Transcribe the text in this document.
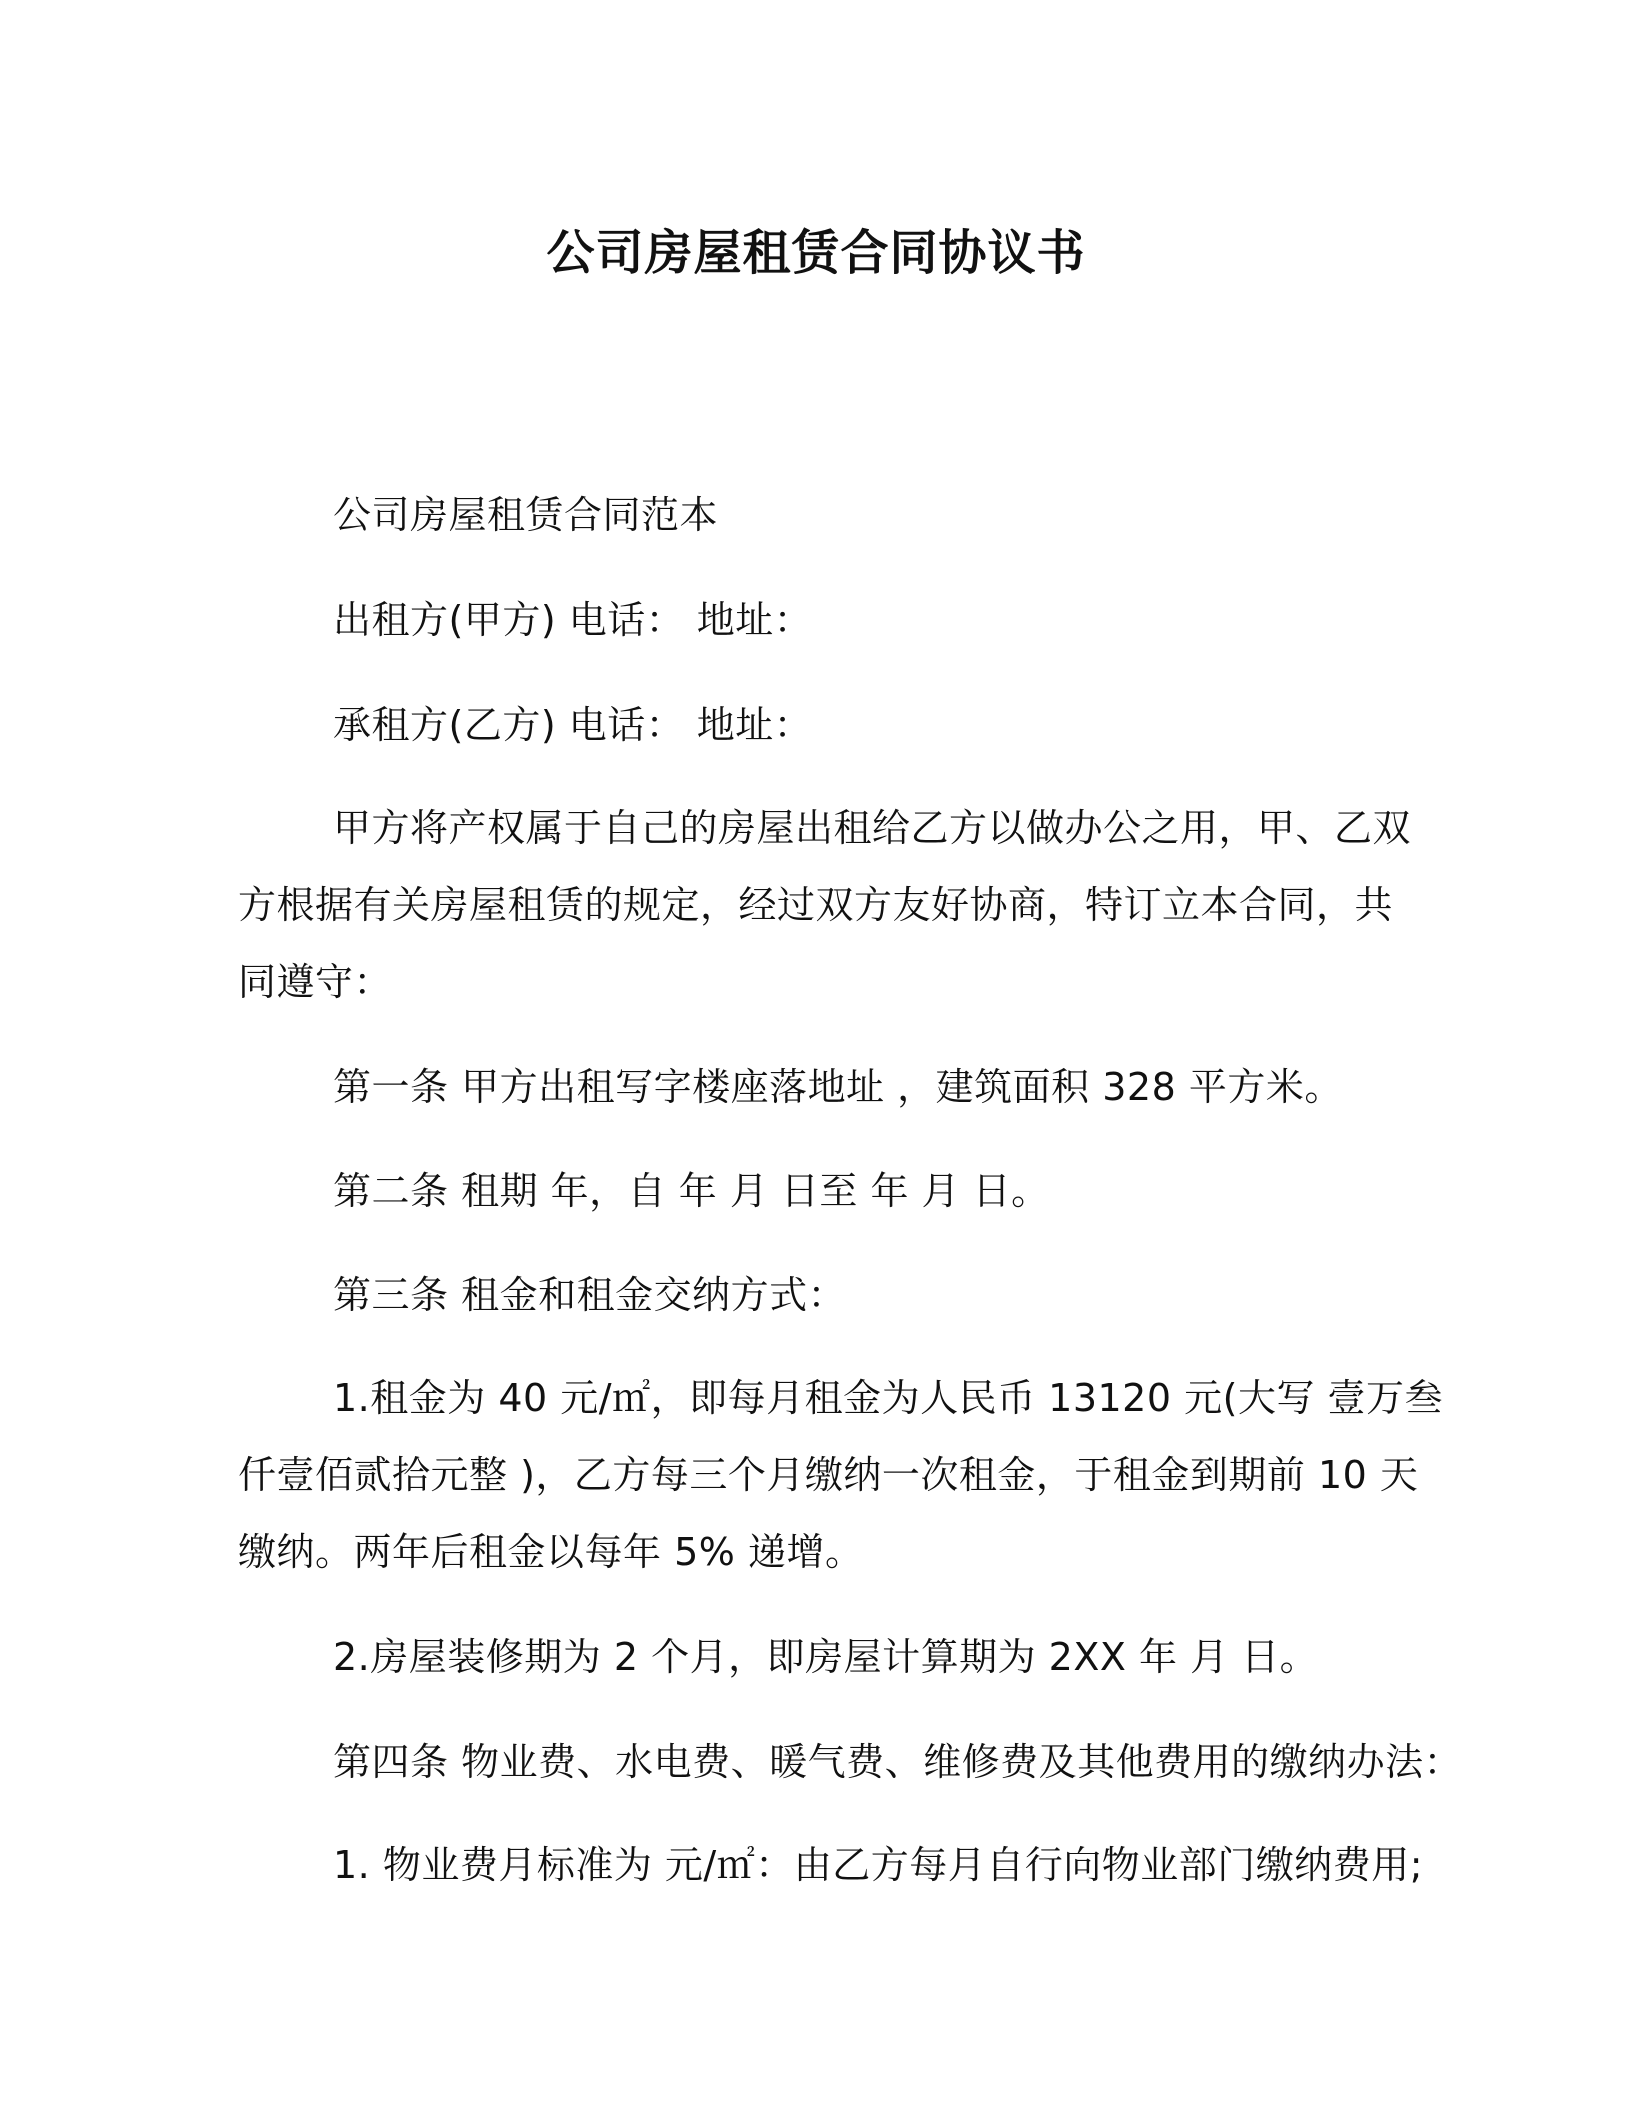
公司房屋租赁合同协议书
公司房屋租赁合同范本
出租方(甲方) 电话： 地址：
承租方(乙方) 电话： 地址：
甲方将产权属于自己的房屋出租给乙方以做办公之用，甲、乙双
方根据有关房屋租赁的规定，经过双方友好协商，特订立本合同，共
同遵守：
第一条 甲方出租写字楼座落地址 ，建筑面积 328 平方米。
第二条 租期 年，自 年 月 日至 年 月 日。
第三条 租金和租金交纳方式：
1.租金为 40 元/㎡，即每月租金为人民币 13120 元(大写 壹万叁
仟壹佰贰拾元整 )，乙方每三个月缴纳一次租金，于租金到期前 10 天
缴纳。两年后租金以每年 5% 递增。
2.房屋装修期为 2 个月，即房屋计算期为 2XX 年 月 日。
第四条 物业费、水电费、暖气费、维修费及其他费用的缴纳办法：
1. 物业费月标准为 元/㎡：由乙方每月自行向物业部门缴纳费用;
